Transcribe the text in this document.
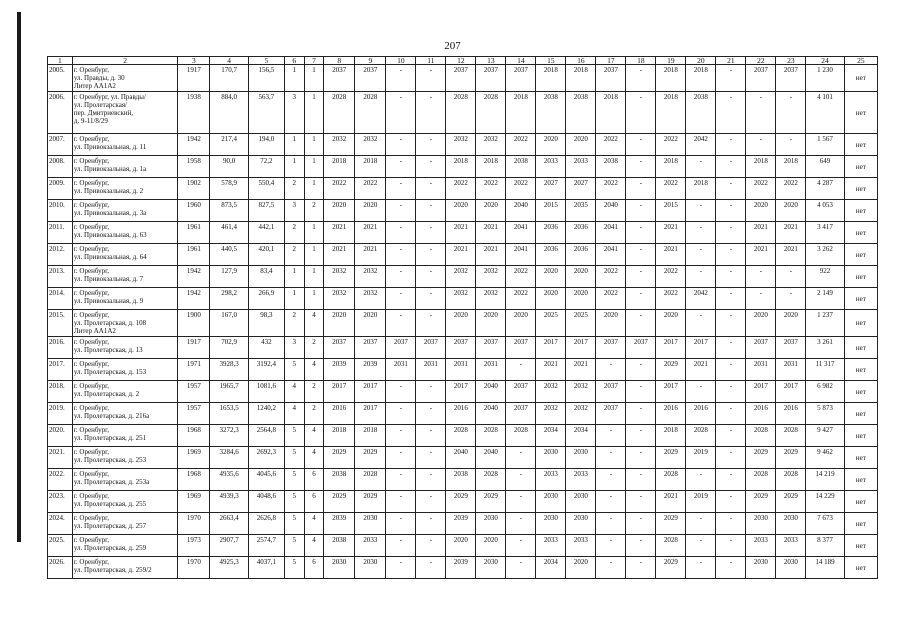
207
1	2	3	4	5	6	7	8	9	10	11	12	13	14	15	16	17	18	19	20	21	22	23	24	25
2005.	г. Оренбург,
ул. Правды, д. 30
Литер АА1А2	1917	170,7	156,5	1	1	2037	2037	-	-	2037	2037	2037	2018	2018	2037	-	2018	2018	-	2037	2037	1 230	нет
2006.	г. Оренбург, ул. Правды/
ул. Пролетарская/
пер. Дмитриевский,
д. 9-11/8/29	1938	884,0	563,7	3	1	2028	2028	-	-	2028	2028	2018	2038	2038	2018	-	2018	2038	-	-	-	4 101	нет
2007.	г. Оренбург,
ул. Привокзальная, д. 11	1942	217,4	194,0	1	1	2032	2032	-	-	2032	2032	2022	2020	2020	2022	-	2022	2042	-	-	-	1 567	нет
2008.	г. Оренбург,
ул. Привокзальная, д. 1а	1958	90,0	72,2	1	1	2018	2018	-	-	2018	2018	2038	2033	2033	2038	-	2018	-	-	2018	2018	649	нет
2009.	г. Оренбург,
ул. Привокзальная, д. 2	1902	578,9	550,4	2	1	2022	2022	-	-	2022	2022	2022	2027	2027	2022	-	2022	2018	-	2022	2022	4 287	нет
2010.	г. Оренбург,
ул. Привокзальная, д. 3а	1960	873,5	827,5	3	2	2020	2020	-	-	2020	2020	2040	2015	2035	2040	-	2015	-	-	2020	2020	4 053	нет
2011.	г. Оренбург,
ул. Привокзальная, д. 63	1961	461,4	442,1	2	1	2021	2021	-	-	2021	2021	2041	2036	2036	2041	-	2021	-	-	2021	2021	3 417	нет
2012.	г. Оренбург,
ул. Привокзальная, д. 64	1961	440,5	420,1	2	1	2021	2021	-	-	2021	2021	2041	2036	2036	2041	-	2021	-	-	2021	2021	3 262	нет
2013.	г. Оренбург,
ул. Привокзальная, д. 7	1942	127,9	83,4	1	1	2032	2032	-	-	2032	2032	2022	2020	2020	2022	-	2022	-	-	-	-	922	нет
2014.	г. Оренбург,
ул. Привокзальная, д. 9	1942	298,2	266,9	1	1	2032	2032	-	-	2032	2032	2022	2020	2020	2022	-	2022	2042	-	-	-	2 149	нет
2015.	г. Оренбург,
ул. Пролетарская, д. 108
Литер АА1А2	1900	167,0	98,3	2	4	2020	2020	-	-	2020	2020	2020	2025	2025	2020	-	2020	-	-	2020	2020	1 237	нет
2016.	г. Оренбург,
ул. Пролетарская, д. 13	1917	702,9	432	3	2	2037	2037	2037	2037	2037	2037	2037	2017	2017	2037	2037	2017	2017	-	2037	2037	3 261	нет
2017.	г. Оренбург,
ул. Пролетарская, д. 153	1971	3928,3	3192,4	5	4	2039	2039	2031	2031	2031	2031	-	2021	2021	-	-	2029	2021	-	2031	2031	11 317	нет
2018.	г. Оренбург,
ул. Пролетарская, д. 2	1957	1965,7	1081,6	4	2	2017	2017	-	-	2017	2040	2037	2032	2032	2037	-	2017	-	-	2017	2017	6 982	нет
2019.	г. Оренбург,
ул. Пролетарская, д. 216а	1957	1653,5	1240,2	4	2	2016	2017	-	-	2016	2040	2037	2032	2032	2037	-	2016	2016	-	2016	2016	5 873	нет
2020.	г. Оренбург,
ул. Пролетарская, д. 251	1968	3272,3	2564,8	5	4	2018	2018	-	-	2028	2028	2028	2034	2034	-	-	2018	2028	-	2028	2028	9 427	нет
2021.	г. Оренбург,
ул. Пролетарская, д. 253	1969	3284,6	2692,3	5	4	2029	2029	-	-	2040	2040	-	2030	2030	-	-	2029	2019	-	2029	2029	9 462	нет
2022.	г. Оренбург,
ул. Пролетарская, д. 253а	1968	4935,6	4045,6	5	6	2038	2028	-	-	2038	2028	-	2033	2033	-	-	2028	-	-	2028	2028	14 219	нет
2023.	г. Оренбург,
ул. Пролетарская, д. 255	1969	4939,3	4048,6	5	6	2029	2029	-	-	2029	2029	-	2030	2030	-	-	2021	2019	-	2029	2029	14 229	нет
2024.	г. Оренбург,
ул. Пролетарская, д. 257	1970	2663,4	2626,8	5	4	2039	2030	-	-	2039	2030	-	2030	2030	-	-	2029	-	-	2030	2030	7 673	нет
2025.	г. Оренбург,
ул. Пролетарская, д. 259	1973	2907,7	2574,7	5	4	2038	2033	-	-	2020	2020	-	2033	2033	-	-	2028	-	-	2033	2033	8 377	нет
2026.	г. Оренбург,
ул. Пролетарская, д. 259/2	1970	4925,3	4037,1	5	6	2030	2030	-	-	2039	2030	-	2034	2020	-	-	2029	-	-	2030	2030	14 189	нет
